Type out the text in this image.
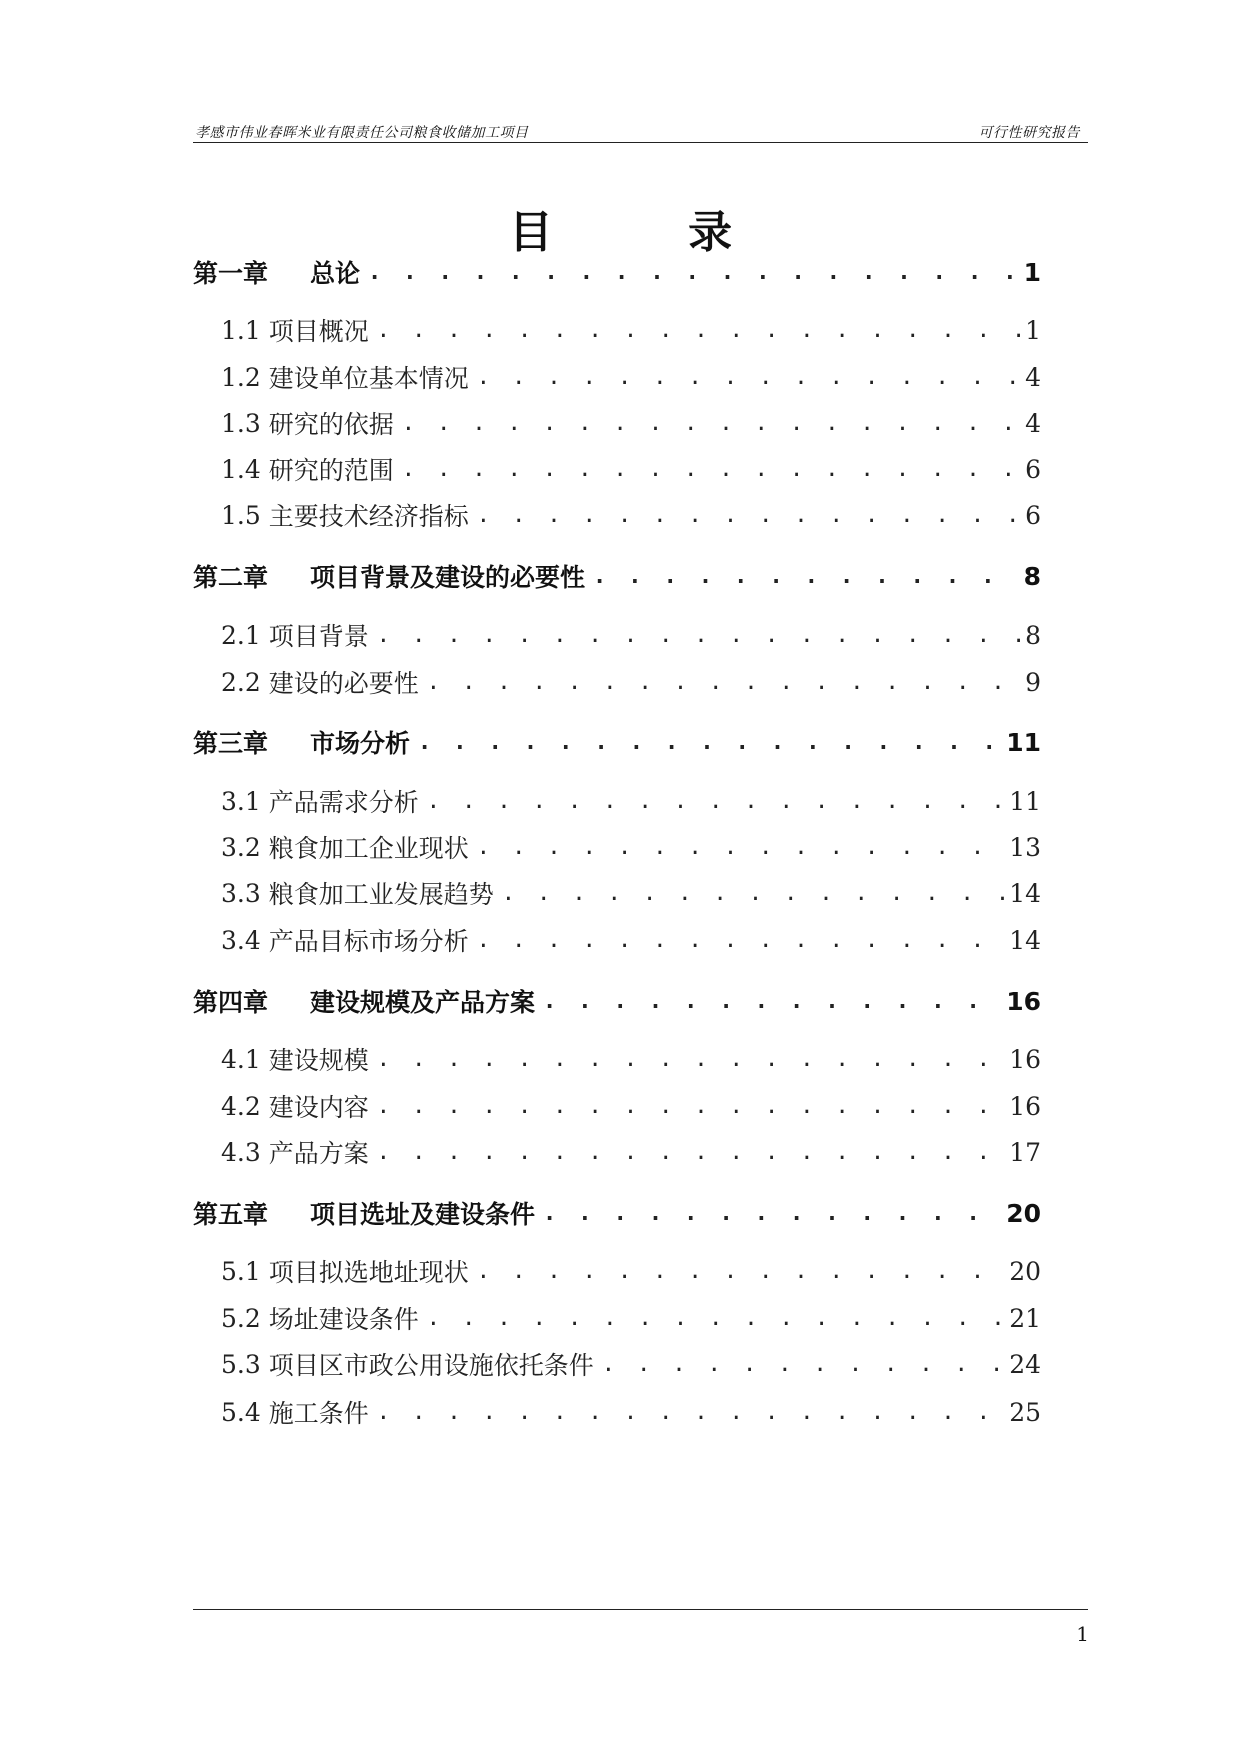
孝感市伟业春晖米业有限责任公司粮食收储加工项目	可行性研究报告
目 录
第一章	总论 . . .	1
1.1 项目概况 . . .	1
1.2 建设单位基本情况 . . .	4
1.3 研究的依据 . . .	4
1.4 研究的范围 . . .	6
1.5 主要技术经济指标 . . .	6
第二章	项目背景及建设的必要性 . . .	8
2.1 项目背景 . . .	8
2.2 建设的必要性 . . .	9
第三章	市场分析 . . .	11
3.1 产品需求分析 . . .	11
3.2 粮食加工企业现状 . . .	13
3.3 粮食加工业发展趋势 . . .	14
3.4 产品目标市场分析 . . .	14
第四章	建设规模及产品方案 . . .	16
4.1 建设规模 . . .	16
4.2 建设内容 . . .	16
4.3 产品方案 . . .	17
第五章	项目选址及建设条件 . . .	20
5.1 项目拟选地址现状 . . .	20
5.2 场址建设条件 . . .	21
5.3 项目区市政公用设施依托条件 . . .	24
5.4 施工条件 . . .	25
1
